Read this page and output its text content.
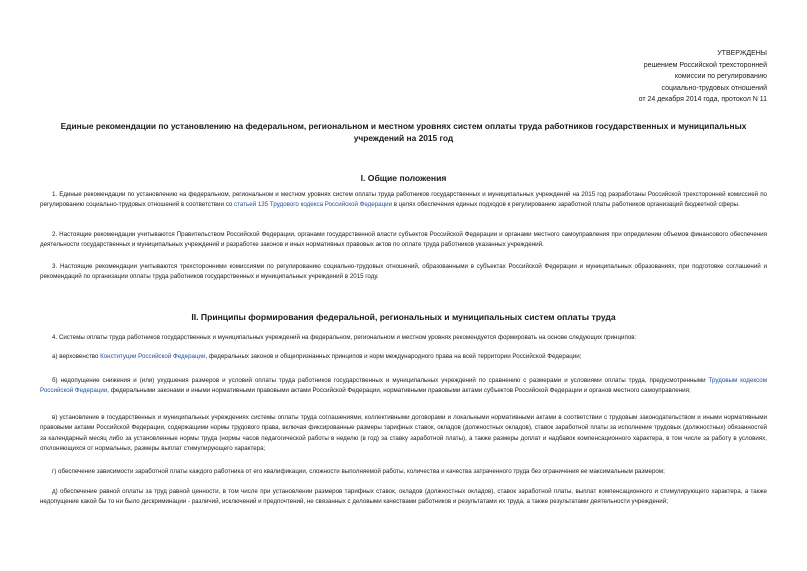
УТВЕРЖДЕНЫ
решением Российской трехсторонней
комиссии по регулированию
социально-трудовых отношений
от 24 декабря 2014 года, протокол N 11
Единые рекомендации по установлению на федеральном, региональном и местном уровнях систем оплаты труда работников государственных и муниципальных учреждений на 2015 год
I. Общие положения
1. Единые рекомендации по установлению на федеральном, региональном и местном уровнях систем оплаты труда работников государственных и муниципальных учреждений на 2015 год разработаны Российской трехсторонней комиссией по регулированию социально-трудовых отношений в соответствии со статьей 135 Трудового кодекса Российской Федерации в целях обеспечения единых подходов к регулированию заработной платы работников организаций бюджетной сферы.
2. Настоящие рекомендации учитываются Правительством Российской Федерации, органами государственной власти субъектов Российской Федерации и органами местного самоуправления при определении объемов финансового обеспечения деятельности государственных и муниципальных учреждений и разработке законов и иных нормативных правовых актов по оплате труда работников указанных учреждений.
3. Настоящие рекомендации учитываются трехсторонними комиссиями по регулированию социально-трудовых отношений, образованными в субъектах Российской Федерации и муниципальных образованиях, при подготовке соглашений и рекомендаций по организации оплаты труда работников государственных и муниципальных учреждений в 2015 году.
II. Принципы формирования федеральной, региональных и муниципальных систем оплаты труда
4. Системы оплаты труда работников государственных и муниципальных учреждений на федеральном, региональном и местном уровнях рекомендуется формировать на основе следующих принципов:
а) верховенство Конституции Российской Федерации, федеральных законов и общепризнанных принципов и норм международного права на всей территории Российской Федерации;
б) недопущение снижения и (или) ухудшения размеров и условий оплаты труда работников государственных и муниципальных учреждений по сравнению с размерами и условиями оплаты труда, предусмотренными Трудовым кодексом Российской Федерации, федеральными законами и иными нормативными правовыми актами Российской Федерации, нормативными правовыми актами субъектов Российской Федерации и органов местного самоуправления;
в) установление в государственных и муниципальных учреждениях системы оплаты труда соглашениями, коллективными договорами и локальными нормативными актами в соответствии с трудовым законодательством и иными нормативными правовыми актами Российской Федерации, содержащими нормы трудового права, включая фиксированные размеры тарифных ставок, окладов (должностных окладов), ставок заработной платы за исполнение трудовых (должностных) обязанностей за календарный месяц либо за установленные нормы труда (нормы часов педагогической работы в неделю (в год) за ставку заработной платы), а также размеры доплат и надбавок компенсационного характера, в том числе за работу в условиях, отклоняющихся от нормальных, размеры выплат стимулирующего характера;
г) обеспечение зависимости заработной платы каждого работника от его квалификации, сложности выполняемой работы, количества и качества затраченного труда без ограничения ее максимальным размером;
д) обеспечение равной оплаты за труд равной ценности, в том числе при установлении размеров тарифных ставок, окладов (должностных окладов), ставок заработной платы, выплат компенсационного и стимулирующего характера, а также недопущение какой бы то ни было дискриминации - различий, исключений и предпочтений, не связанных с деловыми качествами работников и результатами их труда, а также результатами деятельности учреждений;
